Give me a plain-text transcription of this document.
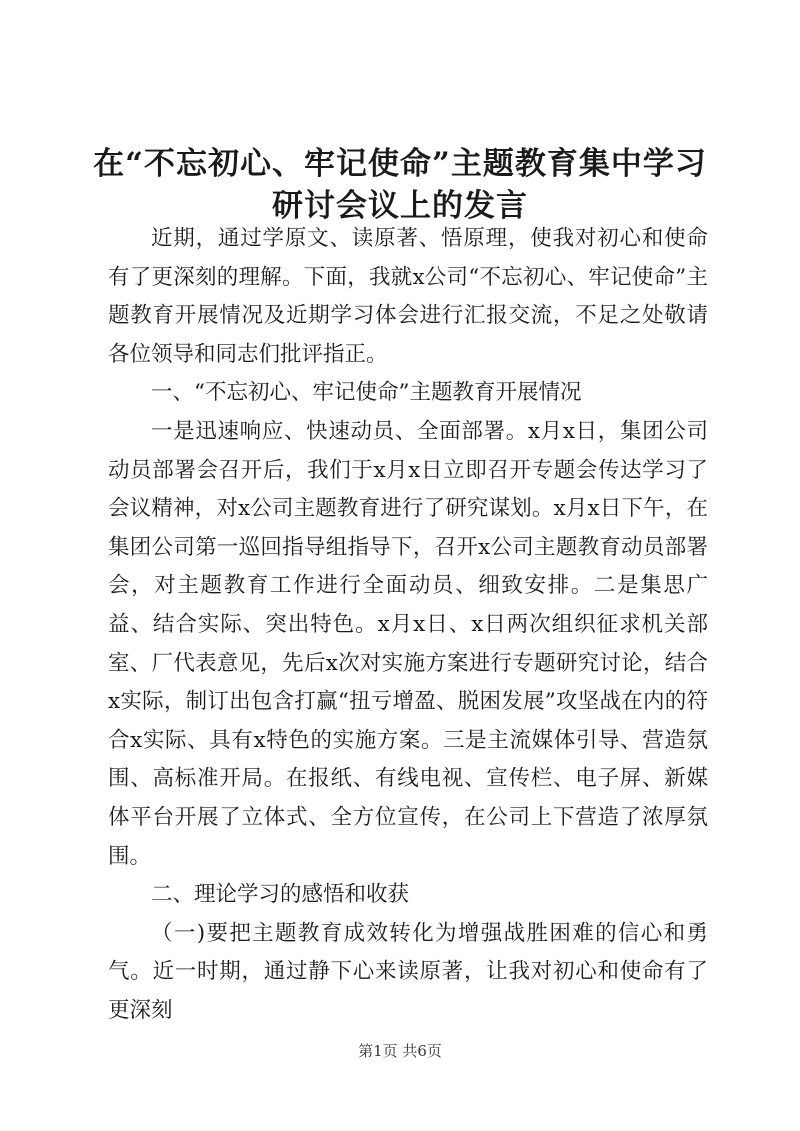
在“不忘初心、牢记使命”主题教育集中学习
研讨会议上的发言

近期，通过学原文、读原著、悟原理，使我对初心和使命有了更深刻的理解。下面，我就x公司“不忘初心、牢记使命”主题教育开展情况及近期学习体会进行汇报交流，不足之处敬请各位领导和同志们批评指正。

一、“不忘初心、牢记使命”主题教育开展情况

一是迅速响应、快速动员、全面部署。x月x日，集团公司动员部署会召开后，我们于x月x日立即召开专题会传达学习了会议精神，对x公司主题教育进行了研究谋划。x月x日下午，在集团公司第一巡回指导组指导下，召开x公司主题教育动员部署会，对主题教育工作进行全面动员、细致安排。二是集思广益、结合实际、突出特色。x月x日、x日两次组织征求机关部室、厂代表意见，先后x次对实施方案进行专题研究讨论，结合x实际，制订出包含打赢“扭亏增盈、脱困发展”攻坚战在内的符合x实际、具有x特色的实施方案。三是主流媒体引导、营造氛围、高标准开局。在报纸、有线电视、宣传栏、电子屏、新媒体平台开展了立体式、全方位宣传，在公司上下营造了浓厚氛围。

二、理论学习的感悟和收获

（一)要把主题教育成效转化为增强战胜困难的信心和勇气。近一时期，通过静下心来读原著，让我对初心和使命有了更深刻

第1页 共6页
